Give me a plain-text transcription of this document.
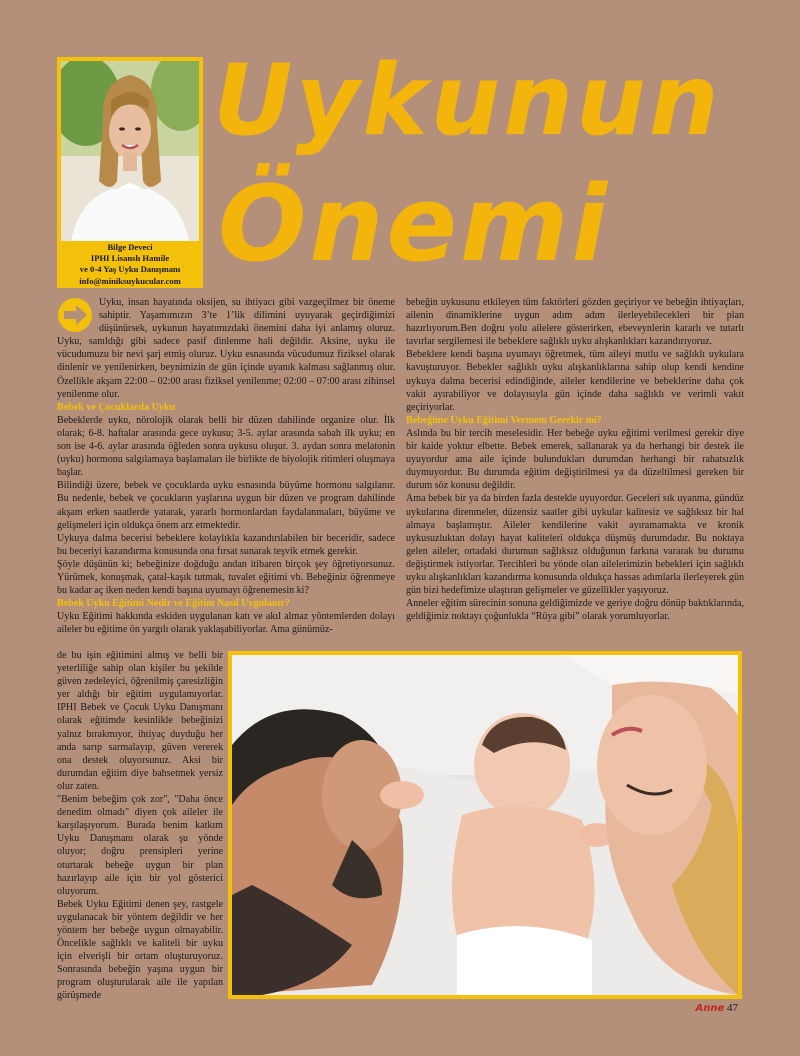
Bilge Deveci
IPHI Lisanslı Hamile
ve 0-4 Yaş Uyku Danışmanı
info@miniksuykucular.com
Uykunun
Önemi

Uyku, insan hayatında oksijen, su ihtiyacı gibi vazgeçilmez bir öneme sahiptir. Yaşamımızın 3’te 1’lik dilimini uyuyarak geçirdiğimizi düşünürsek, uykunun hayatımızdaki önemini daha iyi anlamış oluruz. Uyku, sanıldığı gibi sadece pasif dinlenme hali değildir. Aksine, uyku ile vücudumuzu bir nevi şarj etmiş oluruz. Uyku esnasında vücudumuz fiziksel olarak dinlenir ve yenilenirken, beynimizin de gün içinde uyanık kalması sağlanmış olur. Özellikle akşam 22:00 – 02:00 arası fiziksel yenilenme; 02:00 – 07:00 arası zihinsel yenilenme olur.

Bebek ve Çocuklarda Uyku

Bebeklerde uyku, nörolojik olarak belli bir düzen dahilinde organize olur. İlk olarak; 6-8. haftalar arasında gece uykusu; 3-5. aylar arasında sabah ilk uyku; en son ise 4-6. aylar arasında öğleden sonra uykusu oluşur. 3. aydan sonra melatonin (uyku) hormonu salgılamaya başlamaları ile birlikte de biyolojik ritimleri oluşmaya başlar.

Bilindiği üzere, bebek ve çocuklarda uyku esnasında büyüme hormonu salgılanır. Bu nedenle, bebek ve çocukların yaşlarına uygun bir düzen ve program dahilinde akşam erken saatlerde yatarak, yararlı hormonlardan faydalanmaları, büyüme ve gelişmeleri için oldukça önem arz etmektedir.

Uykuya dalma becerisi bebeklere kolaylıkla kazandırılabilen bir beceridir, sadece bu beceriyi kazandırma konusunda ona fırsat sunarak teşvik etmek gerekir.

Şöyle düşünün ki; bebeğinize doğduğu andan itibaren birçok şey öğretiyorsunuz. Yürümek, konuşmak, çatal-kaşık tutmak, tuvalet eğitimi vb. Bebeğiniz öğrenmeye bu kadar aç iken neden kendi başına uyumayı öğrenemesin ki?

Bebek Uyku Eğitimi Nedir ve Eğitim Nasıl Uygulanır?

Uyku Eğitimi hakkında eskiden uygulanan katı ve akıl almaz yöntemlerden dolayı aileler bu eğitime ön yargılı olarak yaklaşabiliyorlar. Ama günümüz-

de bu işin eğitimini almış ve belli bir yeterliliğe sahip olan kişiler bu şekilde güven zedeleyici, öğrenilmiş çaresizliğin yer aldığı bir eğitim uygulamıyorlar. IPHI Bebek ve Çocuk Uyku Danışmanı olarak eğitimde kesinlikle bebeğinizi yalnız bırakmıyor, ihtiyaç duyduğu her anda sarıp sarmalayıp, güven vererek ona destek oluyorsunuz. Aksi bir durumdan eğitim diye bahsetmek yersiz olur zaten.

"Benim bebeğim çok zor", "Daha önce denedim olmadı" diyen çok aileler ile karşılaşıyorum. Burada benim katkım Uyku Danışmanı olarak şu yönde oluyor; doğru prensipleri yerine oturtarak bebeğe uygun bir plan hazırlayıp aile için bir yol gösterici oluyorum.

Bebek Uyku Eğitimi denen şey, rastgele uygulanacak bir yöntem değildir ve her yöntem her bebeğe uygun olmayabilir. Öncelikle sağlıklı ve kaliteli bir uyku için elverişli bir ortam oluşturuyoruz. Sonrasında bebeğin yaşına uygun bir program oluşturularak aile ile yapılan görüşmede

bebeğin uykusunu etkileyen tüm faktörleri gözden geçiriyor ve bebeğin ihtiyaçları, ailenin dinamiklerine uygun adım adım ilerleyebilecekleri bir plan hazırlıyorum.Ben doğru yolu ailelere gösterirken, ebeveynlerin kararlı ve tutarlı tavırlar sergilemesi ile bebeklere sağlıklı uyku alışkanlıkları kazandırıyoruz.

Bebeklere kendi başına uyumayı öğretmek, tüm aileyi mutlu ve sağlıklı uykulara kavuşturuyor. Bebekler sağlıklı uyku alışkanlıklarına sahip olup kendi kendine uykuya dalma becerisi edindiğinde, aileler kendilerine ve bebeklerine daha çok vakit ayırabiliyor ve dolayısıyla gün içinde daha sağlıklı ve verimli vakit geçiriyorlar.

Bebeğime Uyku Eğitimi Vermem Gerekir mi?

Aslında bu bir tercih meselesidir. Her bebeğe uyku eğitimi verilmesi gerekir diye bir kaide yoktur elbette. Bebek emerek, sallanarak ya da herhangi bir destek ile uyuyordur ama aile içinde bulundukları durumdan herhangi bir rahatsızlık duymuyordur. Bu durumda eğitim değiştirilmesi ya da düzeltilmesi gereken bir durum söz konusu değildir.

Ama bebek bir ya da birden fazla destekle uyuyordur. Geceleri sık uyanma, gündüz uykularına direnmeler, düzensiz saatler gibi uykular kalitesiz ve sağlıksız bir hal almaya başlamıştır. Aileler kendilerine vakit ayıramamakta ve kronik uykusuzluktan dolayı hayat kaliteleri oldukça düşmüş durumdadır. Bu noktaya gelen aileler, ortadaki durumun sağlıksız olduğunun farkına vararak bu durumu değiştirmek istiyorlar. Tercihleri bu yönde olan ailelerimizin bebekleri için sağlıklı uyku alışkanlıkları kazandırma konusunda oldukça hassas adımlarla ilerleyerek gün gün bizi hedefimize ulaştıran gelişmeler ve güzellikler yaşıyoruz.

Anneler eğitim sürecinin sonuna geldiğimizde ve geriye doğru dönüp baktıklarında, geldiğimiz noktayı çoğunlukla “Rüya gibi” olarak yorumluyorlar.

Anne 47
